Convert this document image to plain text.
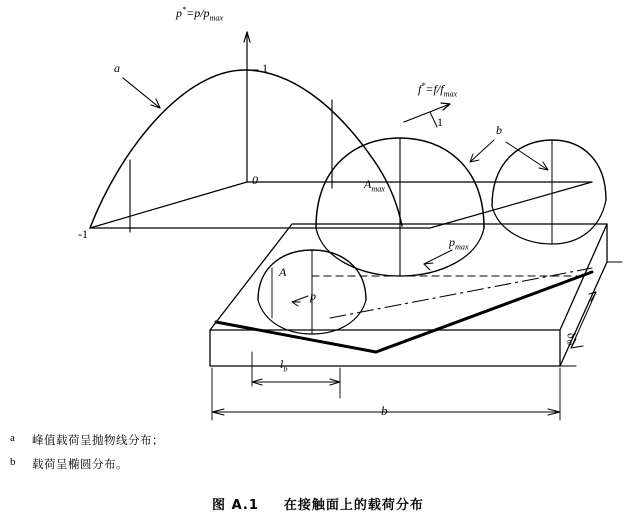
$p^*=p/p_{max}$
$f^*=f/f_{max}$
1
1
0
-1
a
b
$A_{max}$
$p_{max}$
A
p
$l_b$
b
$\delta_{ta}$
a	峰值载荷呈抛物线分布；
b	载荷呈椭圆分布。
图 A.1 在接触面上的载荷分布
